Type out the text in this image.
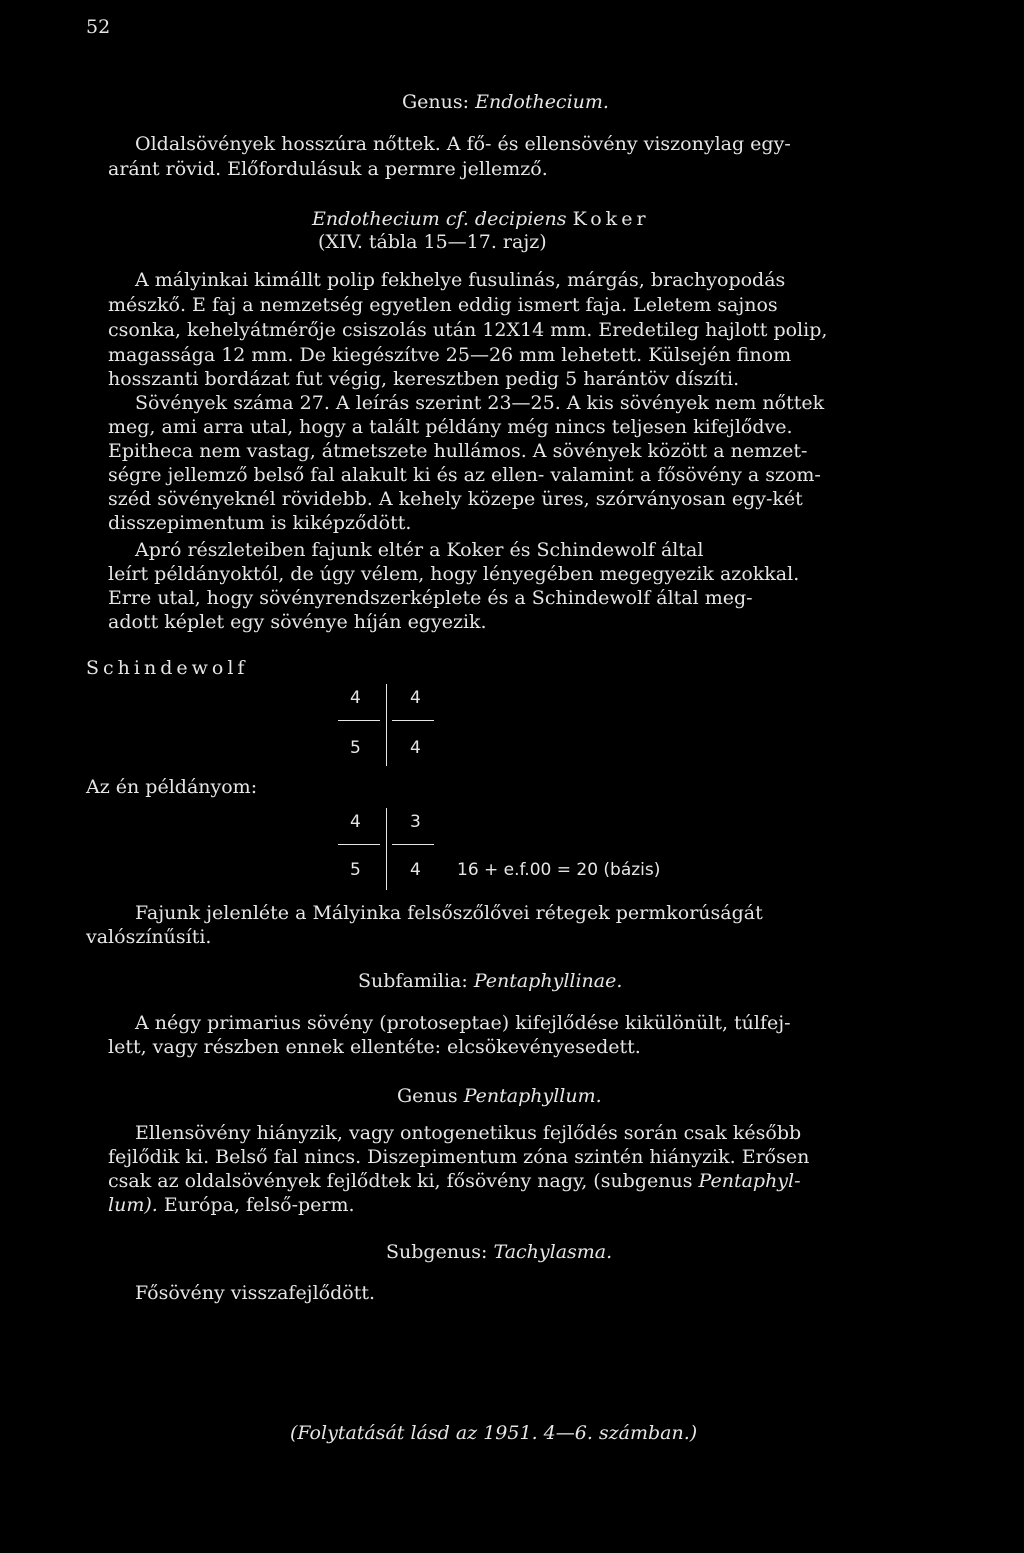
52
Genus: Endothecium.
Oldalsövények hosszúra nőttek. A fő- és ellensövény viszonylag egy-
aránt rövid. Előfordulásuk a permre jellemző.
Endothecium cf. decipiens Koker
(XIV. tábla 15—17. rajz)
A mályinkai kimállt polip fekhelye fusulinás, márgás, brachyopodás
mészkő. E faj a nemzetség egyetlen eddig ismert faja. Leletem sajnos
csonka, kehelyátmérője csiszolás után 12X14 mm. Eredetileg hajlott polip,
magassága 12 mm. De kiegészítve 25—26 mm lehetett. Külsején finom
hosszanti bordázat fut végig, keresztben pedig 5 harántöv díszíti.
Sövények száma 27. A leírás szerint 23—25. A kis sövények nem nőttek
meg, ami arra utal, hogy a talált példány még nincs teljesen kifejlődve.
Epitheca nem vastag, átmetszete hullámos. A sövények között a nemzet-
ségre jellemző belső fal alakult ki és az ellen- valamint a fősövény a szom-
széd sövényeknél rövidebb. A kehely közepe üres, szórványosan egy-két
disszepimentum is kiképződött.
Apró részleteiben fajunk eltér a Koker és Schindewolf által
leírt példányoktól, de úgy vélem, hogy lényegében megegyezik azokkal.
Erre utal, hogy sövényrendszerképlete és a Schindewolf által meg-
adott képlet egy sövénye híján egyezik.
Schindewolf
Az én példányom:
4	4
5	4
4	3
5	4 16 + e.f.00 = 20 (bázis)
Fajunk jelenléte a Mályinka felsőszőlővei rétegek permkorúságát
valószínűsíti.
Subfamilia: Pentaphyllinae.
A négy primarius sövény (protoseptae) kifejlődése kikülönült, túlfej-
lett, vagy részben ennek ellentéte: elcsökevényesedett.
Genus Pentaphyllum.
Ellensövény hiányzik, vagy ontogenetikus fejlődés során csak később
fejlődik ki. Belső fal nincs. Diszepimentum zóna szintén hiányzik. Erősen
csak az oldalsövények fejlődtek ki, fősövény nagy, (subgenus Pentaphyl-
lum). Európa, felső-perm.
Subgenus: Tachylasma.
Fősövény visszafejlődött.
(Folytatását lásd az 1951. 4—6. számban.)
